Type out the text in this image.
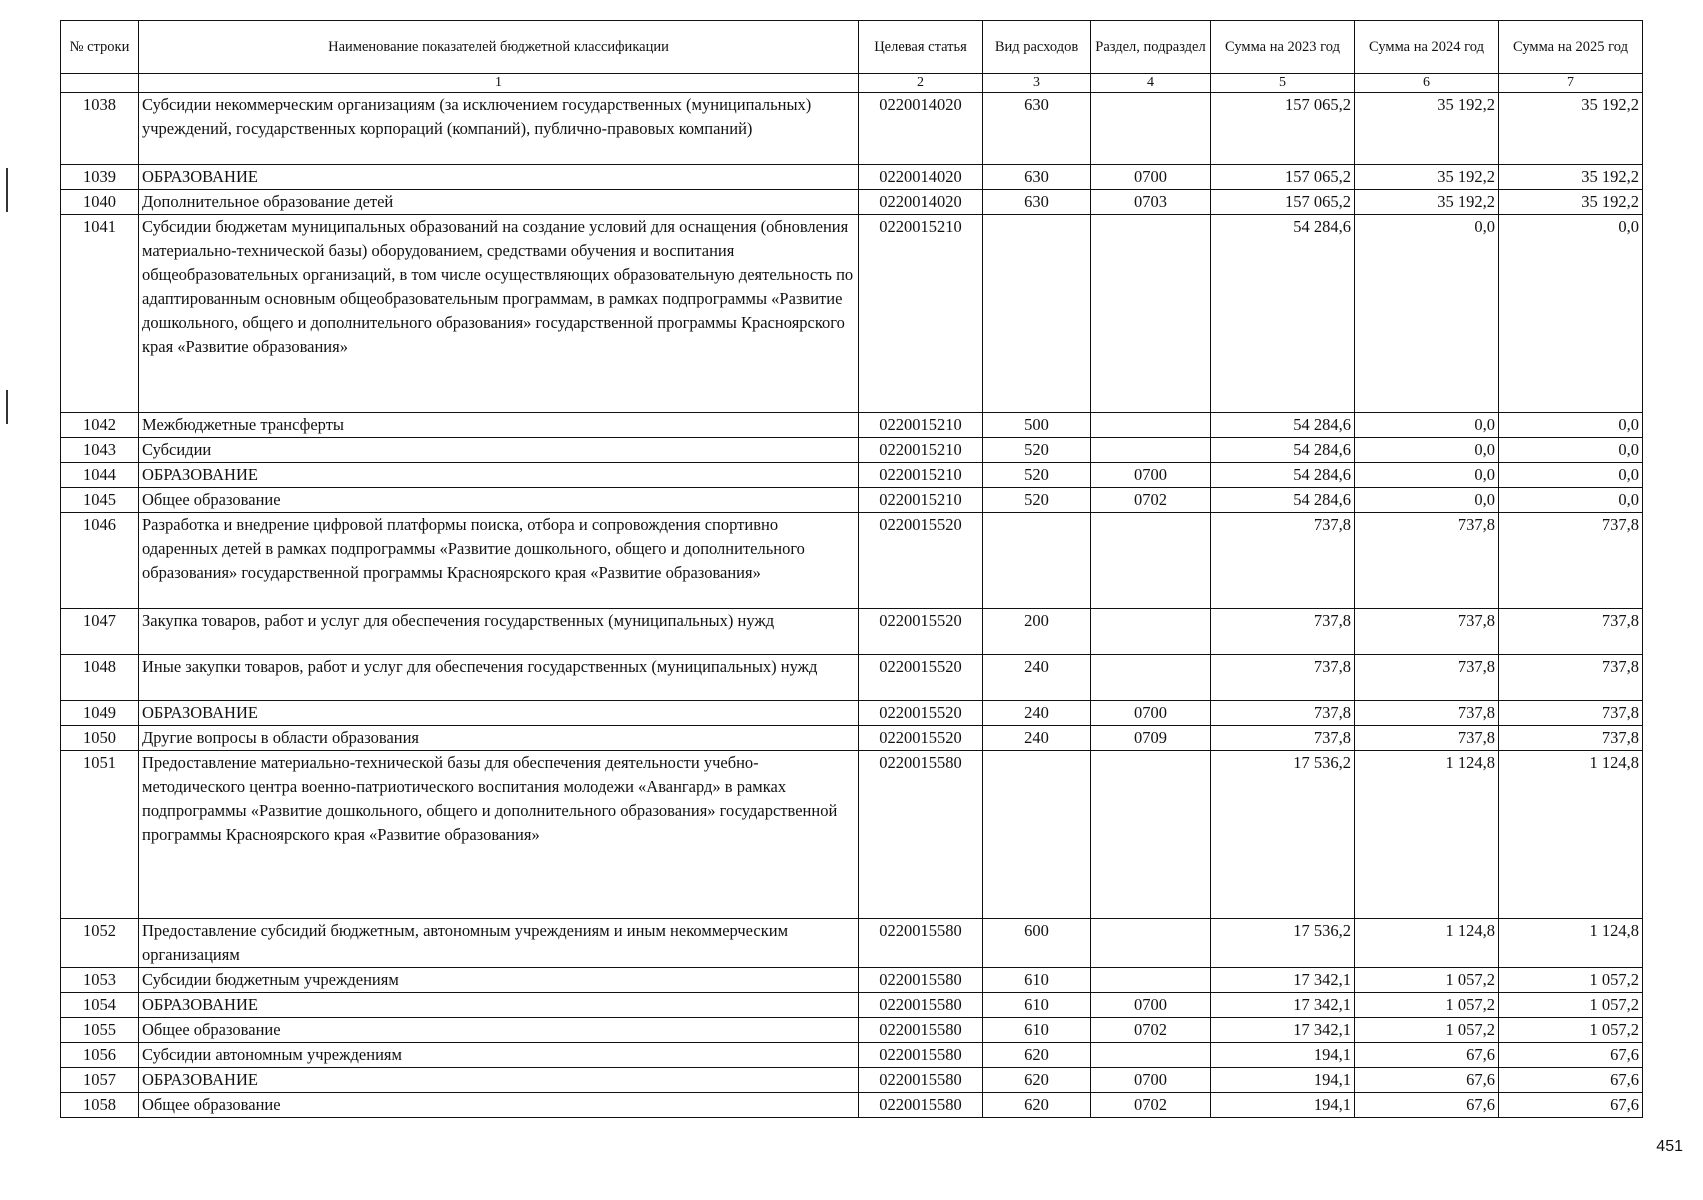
№ строки	Наименование показателей бюджетной классификации	Целевая статья	Вид расходов	Раздел, подраздел	Сумма на 2023 год	Сумма на 2024 год	Сумма на 2025 год
	1	2	3	4	5	6	7
1038	Субсидии некоммерческим организациям (за исключением государственных (муниципальных) учреждений, государственных корпораций (компаний), публично-правовых компаний)	0220014020	630		157 065,2	35 192,2	35 192,2
1039	ОБРАЗОВАНИЕ	0220014020	630	0700	157 065,2	35 192,2	35 192,2
1040	Дополнительное образование детей	0220014020	630	0703	157 065,2	35 192,2	35 192,2
1041	Субсидии бюджетам муниципальных образований на создание условий для оснащения (обновления материально-технической базы) оборудованием, средствами обучения и воспитания общеобразовательных организаций, в том числе осуществляющих образовательную деятельность по адаптированным основным общеобразовательным программам, в рамках подпрограммы «Развитие дошкольного, общего и дополнительного образования» государственной программы Красноярского края «Развитие образования»	0220015210			54 284,6	0,0	0,0
1042	Межбюджетные трансферты	0220015210	500		54 284,6	0,0	0,0
1043	Субсидии	0220015210	520		54 284,6	0,0	0,0
1044	ОБРАЗОВАНИЕ	0220015210	520	0700	54 284,6	0,0	0,0
1045	Общее образование	0220015210	520	0702	54 284,6	0,0	0,0
1046	Разработка и внедрение цифровой платформы поиска, отбора и сопровождения спортивно одаренных детей в рамках подпрограммы «Развитие дошкольного, общего и дополнительного образования» государственной программы Красноярского края «Развитие образования»	0220015520			737,8	737,8	737,8
1047	Закупка товаров, работ и услуг для обеспечения государственных (муниципальных) нужд	0220015520	200		737,8	737,8	737,8
1048	Иные закупки товаров, работ и услуг для обеспечения государственных (муниципальных) нужд	0220015520	240		737,8	737,8	737,8
1049	ОБРАЗОВАНИЕ	0220015520	240	0700	737,8	737,8	737,8
1050	Другие вопросы в области образования	0220015520	240	0709	737,8	737,8	737,8
1051	Предоставление материально-технической базы для обеспечения деятельности учебно-методического центра военно-патриотического воспитания молодежи «Авангард» в рамках подпрограммы «Развитие дошкольного, общего и дополнительного образования» государственной программы Красноярского края «Развитие образования»	0220015580			17 536,2	1 124,8	1 124,8
1052	Предоставление субсидий бюджетным, автономным учреждениям и иным некоммерческим организациям	0220015580	600		17 536,2	1 124,8	1 124,8
1053	Субсидии бюджетным учреждениям	0220015580	610		17 342,1	1 057,2	1 057,2
1054	ОБРАЗОВАНИЕ	0220015580	610	0700	17 342,1	1 057,2	1 057,2
1055	Общее образование	0220015580	610	0702	17 342,1	1 057,2	1 057,2
1056	Субсидии автономным учреждениям	0220015580	620		194,1	67,6	67,6
1057	ОБРАЗОВАНИЕ	0220015580	620	0700	194,1	67,6	67,6
1058	Общее образование	0220015580	620	0702	194,1	67,6	67,6
451
